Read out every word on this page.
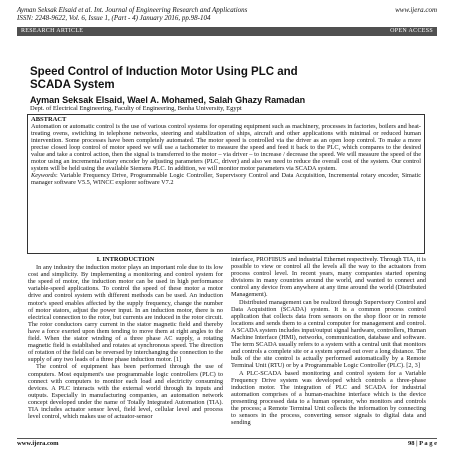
Ayman Seksak Elsaid et al. Int. Journal of Engineering Research and Applications	www.ijera.com
ISSN: 2248-9622, Vol. 6, Issue 1, (Part - 4) January 2016, pp.98-104
RESEARCH ARTICLE	OPEN ACCESS
Speed Control of Induction Motor Using PLC and SCADA System
Ayman Seksak Elsaid, Wael A. Mohamed, Salah Ghazy Ramadan
Dept. of Electrical Engineering, Faculty of Engineering, Benha University, Egypt
ABSTRACT

Automation or automatic control is the use of various control systems for operating equipment such as machinery, processes in factories, boilers and heat-treating ovens, switching in telephone networks, steering and stabilization of ships, aircraft and other applications with minimal or reduced human intervention. Some processes have been completely automated. The motor speed is controlled via the driver as an open loop control. To make a more precise closed loop control of motor speed we will use a tachometer to measure the speed and feed it back to the PLC, which compares to the desired value and take a control action, then the signal is transferred to the motor – via driver – to increase / decrease the speed. We will measure the speed of the motor using an incremental rotary encoder by adjusting parameters (PLC, driver) and also we need to reduce the overall cost of the system. Our control system will be held using the available Siemens PLC. In addition, we will monitor motor parameters via SCADA system.

Keywords: Variable Frequency Drive, Programmable Logic Controller, Supervisory Control and Data Acquisition, Incremental rotary encoder, Simatic manager software V5.5, WINCC explorer software V7.2

I. INTRODUCTION

In any industry the induction motor plays an important role due to its low cost and simplicity. By implementing a monitoring and control system for the speed of motor, the induction motor can be used in high performance variable-speed applications. To control the speed of these motor a motor drive and control system with different methods can be used. An induction motor's speed enables affected by the supply frequency, change the number of motor stators, adjust the power input. In an induction motor, there is no electrical connection to the rotor, but currents are induced in the rotor circuit. The rotor conductors carry current in the stator magnetic field and thereby have a force exerted upon them tending to move them at right angles to the field. When the stator winding of a three phase AC supply, a rotating magnetic field is established and rotates at synchronous speed. The direction of rotation of the field can be reversed by interchanging the connection to the supply of any two leads of a three phase induction motor. [1]

The control of equipment has been performed through the use of computers. Most equipment's use programmable logic controllers (PLC) to connect with computers to monitor each load and electricity consuming devices. A PLC interacts with the external world through its inputs and outputs. Especially in manufacturing companies, an automation network concept developed under the name of Totally Integrated Automation (TIA). TIA includes actuator sensor level, field level, cellular level and process level control, which makes use of actuator-sensor

interface, PROFIBUS and industrial Ethernet respectively. Through TIA, it is possible to view or control all the levels all the way to the actuators from process control level. In recent years, many companies started opening divisions in many countries around the world, and wanted to connect and control any device from anywhere at any time around the world (Distributed Management).

Distributed management can be realized through Supervisory Control and Data Acquisition (SCADA) system. It is a common process control application that collects data from sensors on the shop floor or in remote locations and sends them to a central computer for management and control. A SCADA system includes input/output signal hardware, controllers, Human Machine Interface (HMI), networks, communication, database and software. The term SCADA usually refers to a system with a central unit that monitors and controls a complete site or a system spread out over a long distance. The bulk of the site control is actually performed automatically by a Remote Terminal Unit (RTU) or by a Programmable Logic Controller (PLC). [2, 3]

A PLC-SCADA based monitoring and control system for a Variable Frequency Drive system was developed which controls a three-phase induction motor. The integration of PLC and SCADA for industrial automation comprises of a human-machine interface which is the device presenting processed data to a human operator, who monitors and controls the process; a Remote Terminal Unit collects the information by connecting to sensors in the process, converting sensor signals to digital data and sending

www.ijera.com	98 | P a g e
